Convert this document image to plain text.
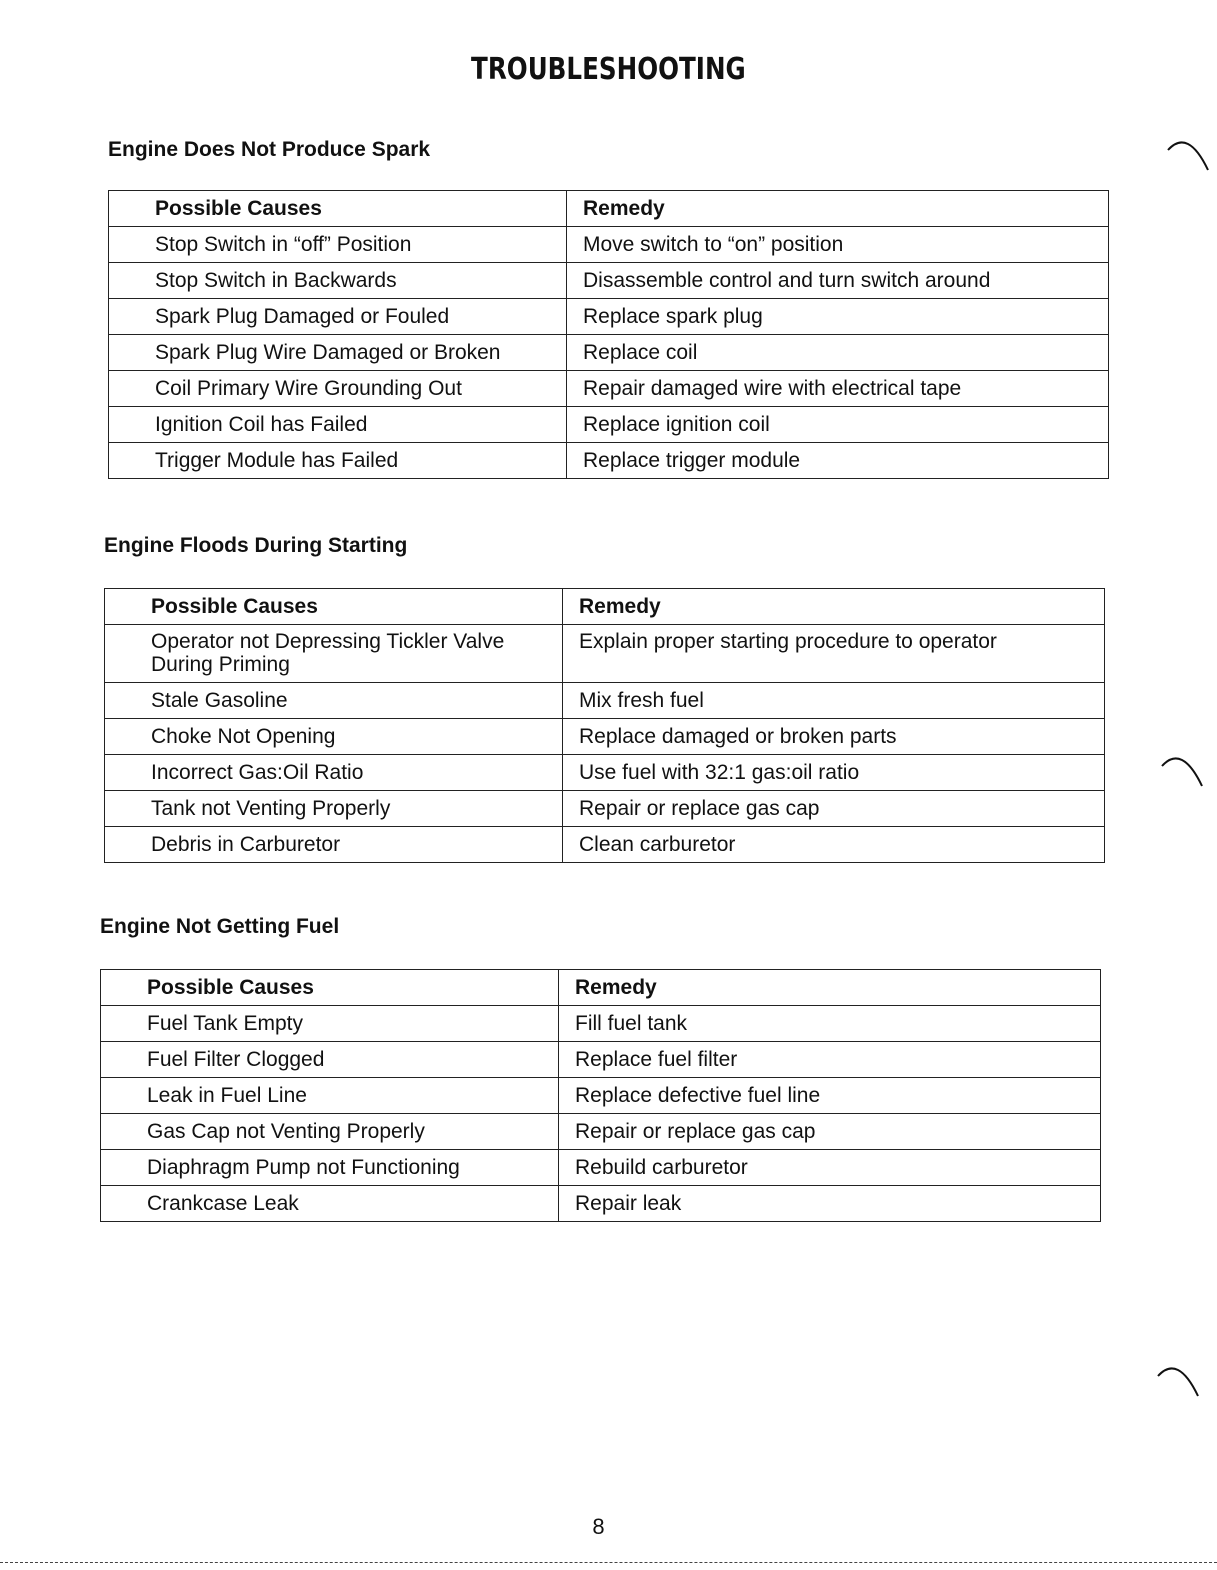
TROUBLESHOOTING
Engine Does Not Produce Spark
Possible Causes	Remedy
Stop Switch in “off” Position	Move switch to “on” position
Stop Switch in Backwards	Disassemble control and turn switch around
Spark Plug Damaged or Fouled	Replace spark plug
Spark Plug Wire Damaged or Broken	Replace coil
Coil Primary Wire Grounding Out	Repair damaged wire with electrical tape
Ignition Coil has Failed	Replace ignition coil
Trigger Module has Failed	Replace trigger module
Engine Floods During Starting
Possible Causes	Remedy
Operator not Depressing Tickler Valve During Priming	Explain proper starting procedure to operator
Stale Gasoline	Mix fresh fuel
Choke Not Opening	Replace damaged or broken parts
Incorrect Gas:Oil Ratio	Use fuel with 32:1 gas:oil ratio
Tank not Venting Properly	Repair or replace gas cap
Debris in Carburetor	Clean carburetor
Engine Not Getting Fuel
Possible Causes	Remedy
Fuel Tank Empty	Fill fuel tank
Fuel Filter Clogged	Replace fuel filter
Leak in Fuel Line	Replace defective fuel line
Gas Cap not Venting Properly	Repair or replace gas cap
Diaphragm Pump not Functioning	Rebuild carburetor
Crankcase Leak	Repair leak
8
